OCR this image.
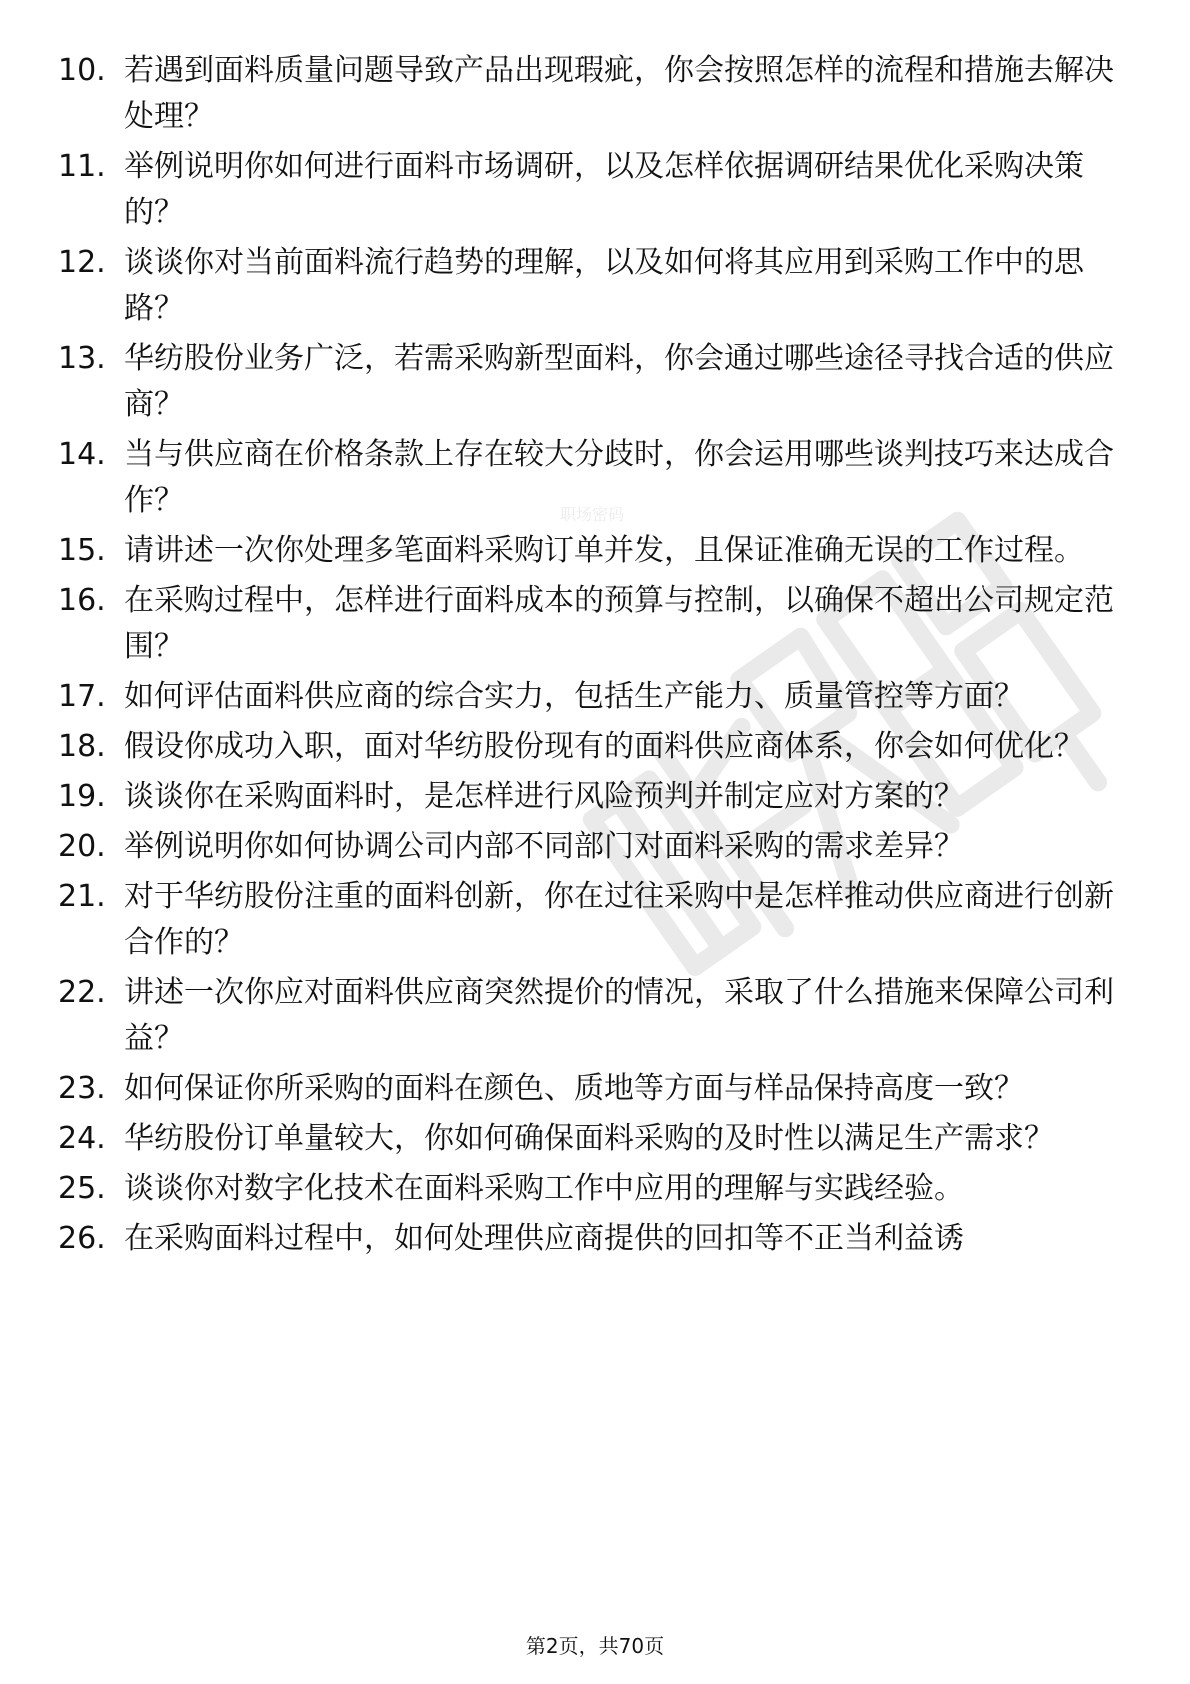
职场密码
10. 若遇到面料质量问题导致产品出现瑕疵，你会按照怎样的流程和措施去解决处理？
11. 举例说明你如何进行面料市场调研，以及怎样依据调研结果优化采购决策的？
12. 谈谈你对当前面料流行趋势的理解，以及如何将其应用到采购工作中的思路？
13. 华纺股份业务广泛，若需采购新型面料，你会通过哪些途径寻找合适的供应商？
14. 当与供应商在价格条款上存在较大分歧时，你会运用哪些谈判技巧来达成合作？
15. 请讲述一次你处理多笔面料采购订单并发，且保证准确无误的工作过程。
16. 在采购过程中，怎样进行面料成本的预算与控制，以确保不超出公司规定范围？
17. 如何评估面料供应商的综合实力，包括生产能力、质量管控等方面？
18. 假设你成功入职，面对华纺股份现有的面料供应商体系，你会如何优化？
19. 谈谈你在采购面料时，是怎样进行风险预判并制定应对方案的？
20. 举例说明你如何协调公司内部不同部门对面料采购的需求差异？
21. 对于华纺股份注重的面料创新，你在过往采购中是怎样推动供应商进行创新合作的？
22. 讲述一次你应对面料供应商突然提价的情况，采取了什么措施来保障公司利益？
23. 如何保证你所采购的面料在颜色、质地等方面与样品保持高度一致？
24. 华纺股份订单量较大，你如何确保面料采购的及时性以满足生产需求？
25. 谈谈你对数字化技术在面料采购工作中应用的理解与实践经验。
26. 在采购面料过程中，如何处理供应商提供的回扣等不正当利益诱
第2页，共70页
